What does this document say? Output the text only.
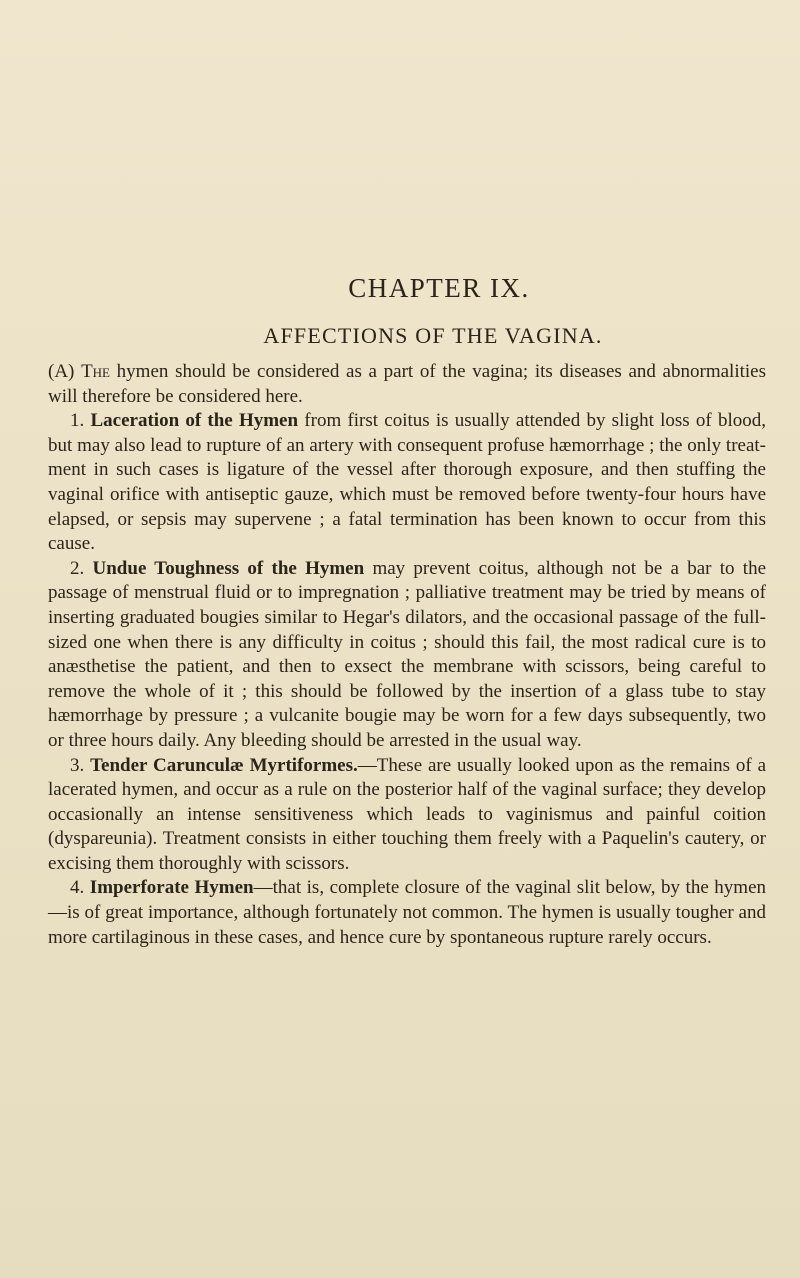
CHAPTER IX.
AFFECTIONS OF THE VAGINA.

(A) The hymen should be considered as a part of the vagina; its diseases and abnormalities will therefore be considered here.

1. Laceration of the Hymen from first coitus is usually attended by slight loss of blood, but may also lead to rupture of an artery with consequent profuse hæmorrhage ; the only treatment in such cases is ligature of the vessel after thorough exposure, and then stuffing the vaginal orifice with antiseptic gauze, which must be removed before twenty-four hours have elapsed, or sepsis may supervene ; a fatal termination has been known to occur from this cause.

2. Undue Toughness of the Hymen may prevent coitus, although not be a bar to the passage of menstrual fluid or to impregnation ; palliative treatment may be tried by means of inserting graduated bougies similar to Hegar's dilators, and the occasional passage of the full-sized one when there is any difficulty in coitus ; should this fail, the most radical cure is to anæsthetise the patient, and then to exsect the membrane with scissors, being careful to remove the whole of it ; this should be followed by the insertion of a glass tube to stay hæmorrhage by pressure ; a vulcanite bougie may be worn for a few days subsequently, two or three hours daily. Any bleeding should be arrested in the usual way.

3. Tender Carunculæ Myrtiformes.—These are usually looked upon as the remains of a lacerated hymen, and occur as a rule on the posterior half of the vaginal surface; they develop occasionally an intense sensitiveness which leads to vaginismus and painful coition (dyspareunia). Treatment consists in either touching them freely with a Paquelin's cautery, or excising them thoroughly with scissors.

4. Imperforate Hymen—that is, complete closure of the vaginal slit below, by the hymen—is of great importance, although fortunately not common. The hymen is usually tougher and more cartilaginous in these cases, and hence cure by spontaneous rupture rarely occurs.
